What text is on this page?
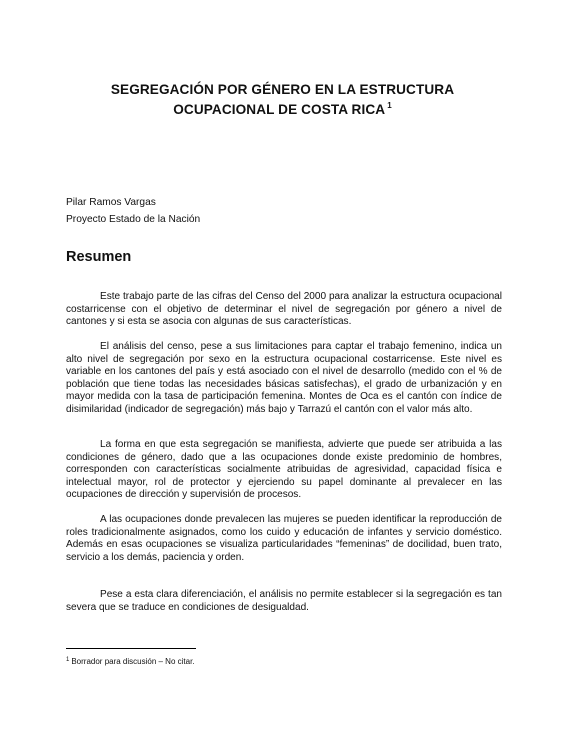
SEGREGACIÓN POR GÉNERO EN LA ESTRUCTURA
OCUPACIONAL DE COSTA RICA $^1$
Pilar Ramos Vargas
Proyecto Estado de la Nación
Resumen

Este trabajo parte de las cifras del Censo del 2000 para analizar la estructura ocupacional costarricense con el objetivo de determinar el nivel de segregación por género a nivel de cantones y si esta se asocia con algunas de sus características.

El análisis del censo, pese a sus limitaciones para captar el trabajo femenino, indica un alto nivel de segregación por sexo en la estructura ocupacional costarricense. Este nivel es variable en los cantones del país y está asociado con el nivel de desarrollo (medido con el % de población que tiene todas las necesidades básicas satisfechas), el grado de urbanización y en mayor medida con la tasa de participación femenina. Montes de Oca es el cantón con índice de disimilaridad (indicador de segregación) más bajo y Tarrazú el cantón con el valor más alto.

La forma en que esta segregación se manifiesta, advierte que puede ser atribuida a las condiciones de género, dado que a las ocupaciones donde existe predominio de hombres, corresponden con características socialmente atribuidas de agresividad, capacidad física e intelectual mayor, rol de protector y ejerciendo su papel dominante al prevalecer en las ocupaciones de dirección y supervisión de procesos.

A las ocupaciones donde prevalecen las mujeres se pueden identificar la reproducción de roles tradicionalmente asignados, como los cuido y educación de infantes y servicio doméstico. Además en esas ocupaciones se visualiza particularidades “femeninas” de docilidad, buen trato, servicio a los demás, paciencia y orden.

Pese a esta clara diferenciación, el análisis no permite establecer si la segregación es tan severa que se traduce en condiciones de desigualdad.

$^1$ Borrador para discusión – No citar.
